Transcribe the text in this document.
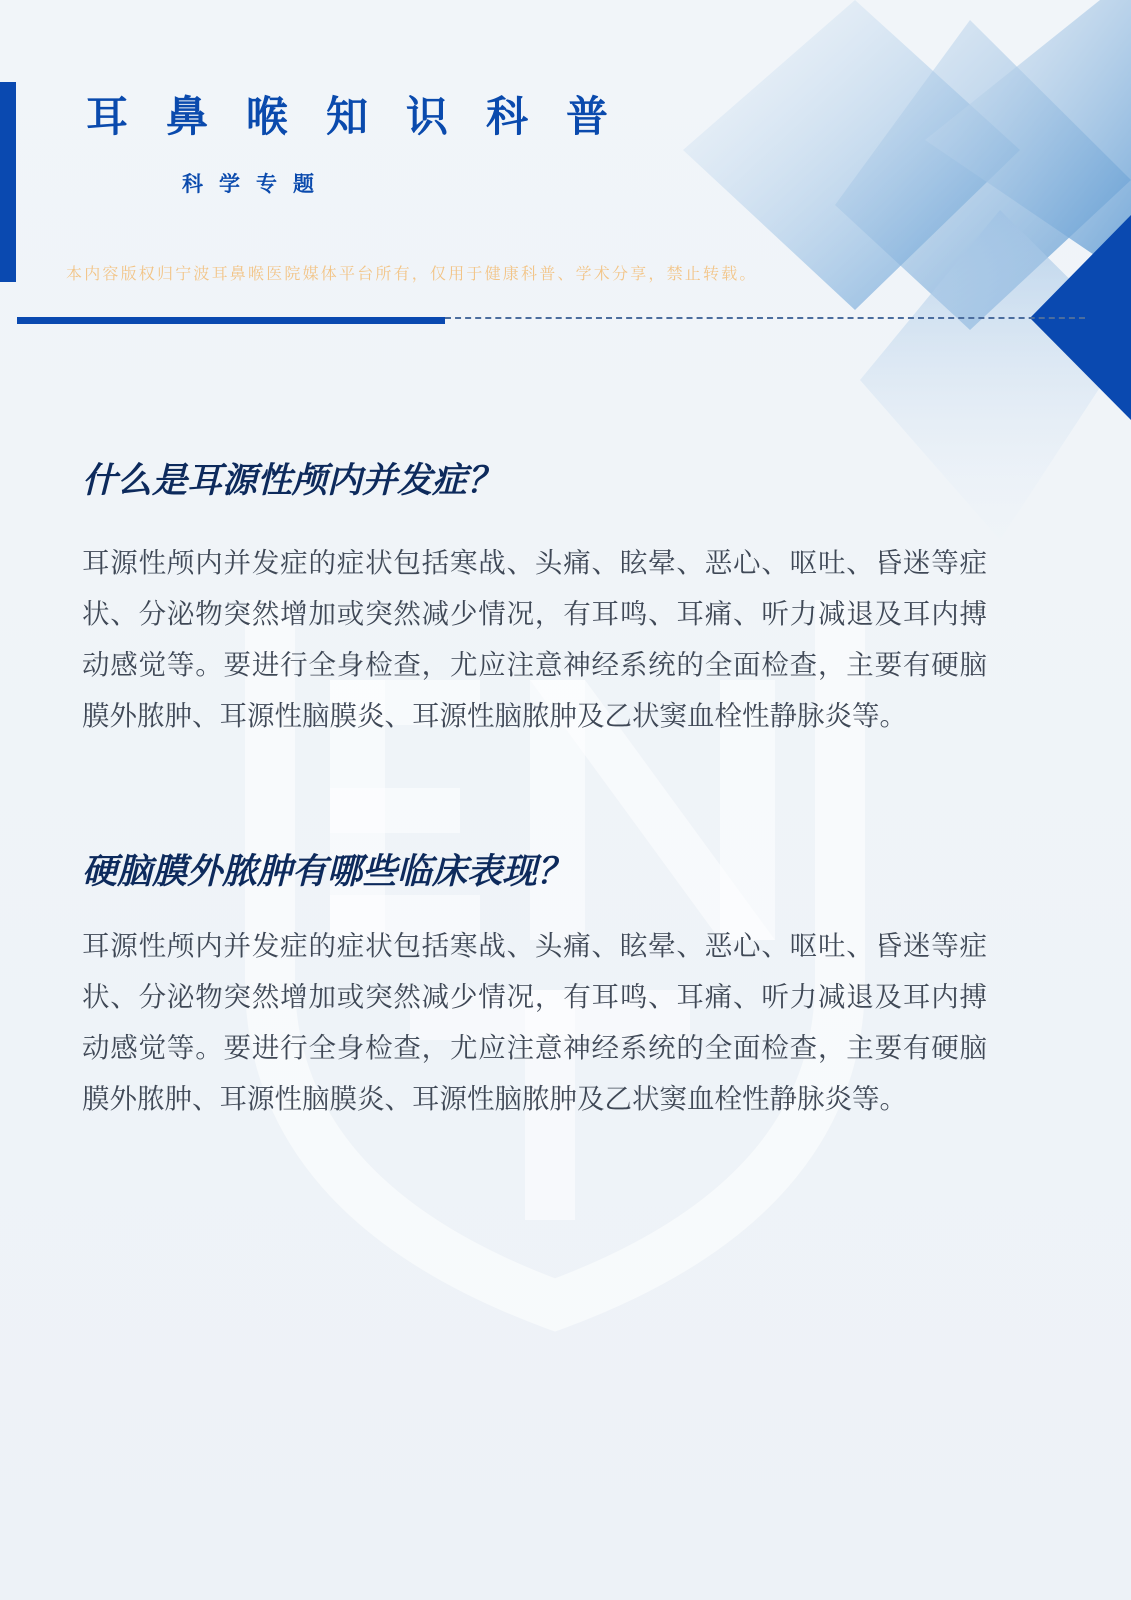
耳鼻喉知识科普
科学专题

本内容版权归宁波耳鼻喉医院媒体平台所有，仅用于健康科普、学术分享，禁止转载。

什么是耳源性颅内并发症？

耳源性颅内并发症的症状包括寒战、头痛、眩晕、恶心、呕吐、昏迷等症状、分泌物突然增加或突然减少情况，有耳鸣、耳痛、听力减退及耳内搏动感觉等。要进行全身检查，尤应注意神经系统的全面检查，主要有硬脑膜外脓肿、耳源性脑膜炎、耳源性脑脓肿及乙状窦血栓性静脉炎等。

硬脑膜外脓肿有哪些临床表现？

耳源性颅内并发症的症状包括寒战、头痛、眩晕、恶心、呕吐、昏迷等症状、分泌物突然增加或突然减少情况，有耳鸣、耳痛、听力减退及耳内搏动感觉等。要进行全身检查，尤应注意神经系统的全面检查，主要有硬脑膜外脓肿、耳源性脑膜炎、耳源性脑脓肿及乙状窦血栓性静脉炎等。
